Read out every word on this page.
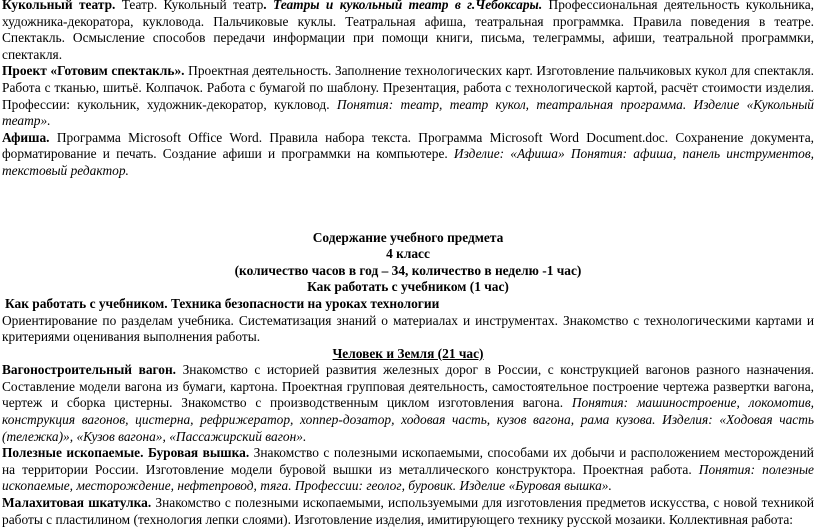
Кукольный театр. Театр. Кукольный театр. Театры и кукольный театр в г.Чебоксары. Профессиональная деятельность кукольника, художника-декоратора, кукловода. Пальчиковые куклы. Театральная афиша, театральная программка. Правила поведения в театре. Спектакль. Осмысление способов передачи информации при помощи книги, письма, телеграммы, афиши, театральной программки, спектакля.

Проект «Готовим спектакль». Проектная деятельность. Заполнение технологических карт. Изготовление пальчиковых кукол для спектакля. Работа с тканью, шитьё. Колпачок. Работа с бумагой по шаблону. Презентация, работа с технологической картой, расчёт стоимости изделия. Профессии: кукольник, художник-декоратор, кукловод. Понятия: театр, театр кукол, театральная программа. Изделие «Кукольный театр».

Афиша. Программа Microsoft Office Word. Правила набора текста. Программа Microsoft Word Document.doc. Сохранение документа, форматирование и печать. Создание афиши и программки на компьютере. Изделие: «Афиша» Понятия: афиша, панель инструментов, текстовый редактор.

Содержание учебного предмета

4 класс

(количество часов в год – 34, количество в неделю -1 час)

Как работать с учебником (1 час)

Как работать с учебником. Техника безопасности на уроках технологии

Ориентирование по разделам учебника. Систематизация знаний о материалах и инструментах. Знакомство с технологическими картами и критериями оценивания выполнения работы.

Человек и Земля (21 час)

Вагоностроительный вагон. Знакомство с историей развития железных дорог в России, с конструкцией вагонов разного назначения. Составление модели вагона из бумаги, картона. Проектная групповая деятельность, самостоятельное построение чертежа развертки вагона, чертеж и сборка цистерны. Знакомство с производственным циклом изготовления вагона. Понятия: машиностроение, локомотив, конструкция вагонов, цистерна, рефрижератор, хоппер-дозатор, ходовая часть, кузов вагона, рама кузова. Изделия: «Ходовая часть (тележка)», «Кузов вагона», «Пассажирский вагон».

Полезные ископаемые. Буровая вышка. Знакомство с полезными ископаемыми, способами их добычи и расположением месторождений на территории России. Изготовление модели буровой вышки из металлического конструктора. Проектная работа. Понятия: полезные ископаемые, месторождение, нефтепровод, тяга. Профессии: геолог, буровик. Изделие «Буровая вышка».

Малахитовая шкатулка. Знакомство с полезными ископаемыми, используемыми для изготовления предметов искусства, с новой техникой работы с пластилином (технология лепки слоями). Изготовление изделия, имитирующего технику русской мозаики. Коллективная работа:
